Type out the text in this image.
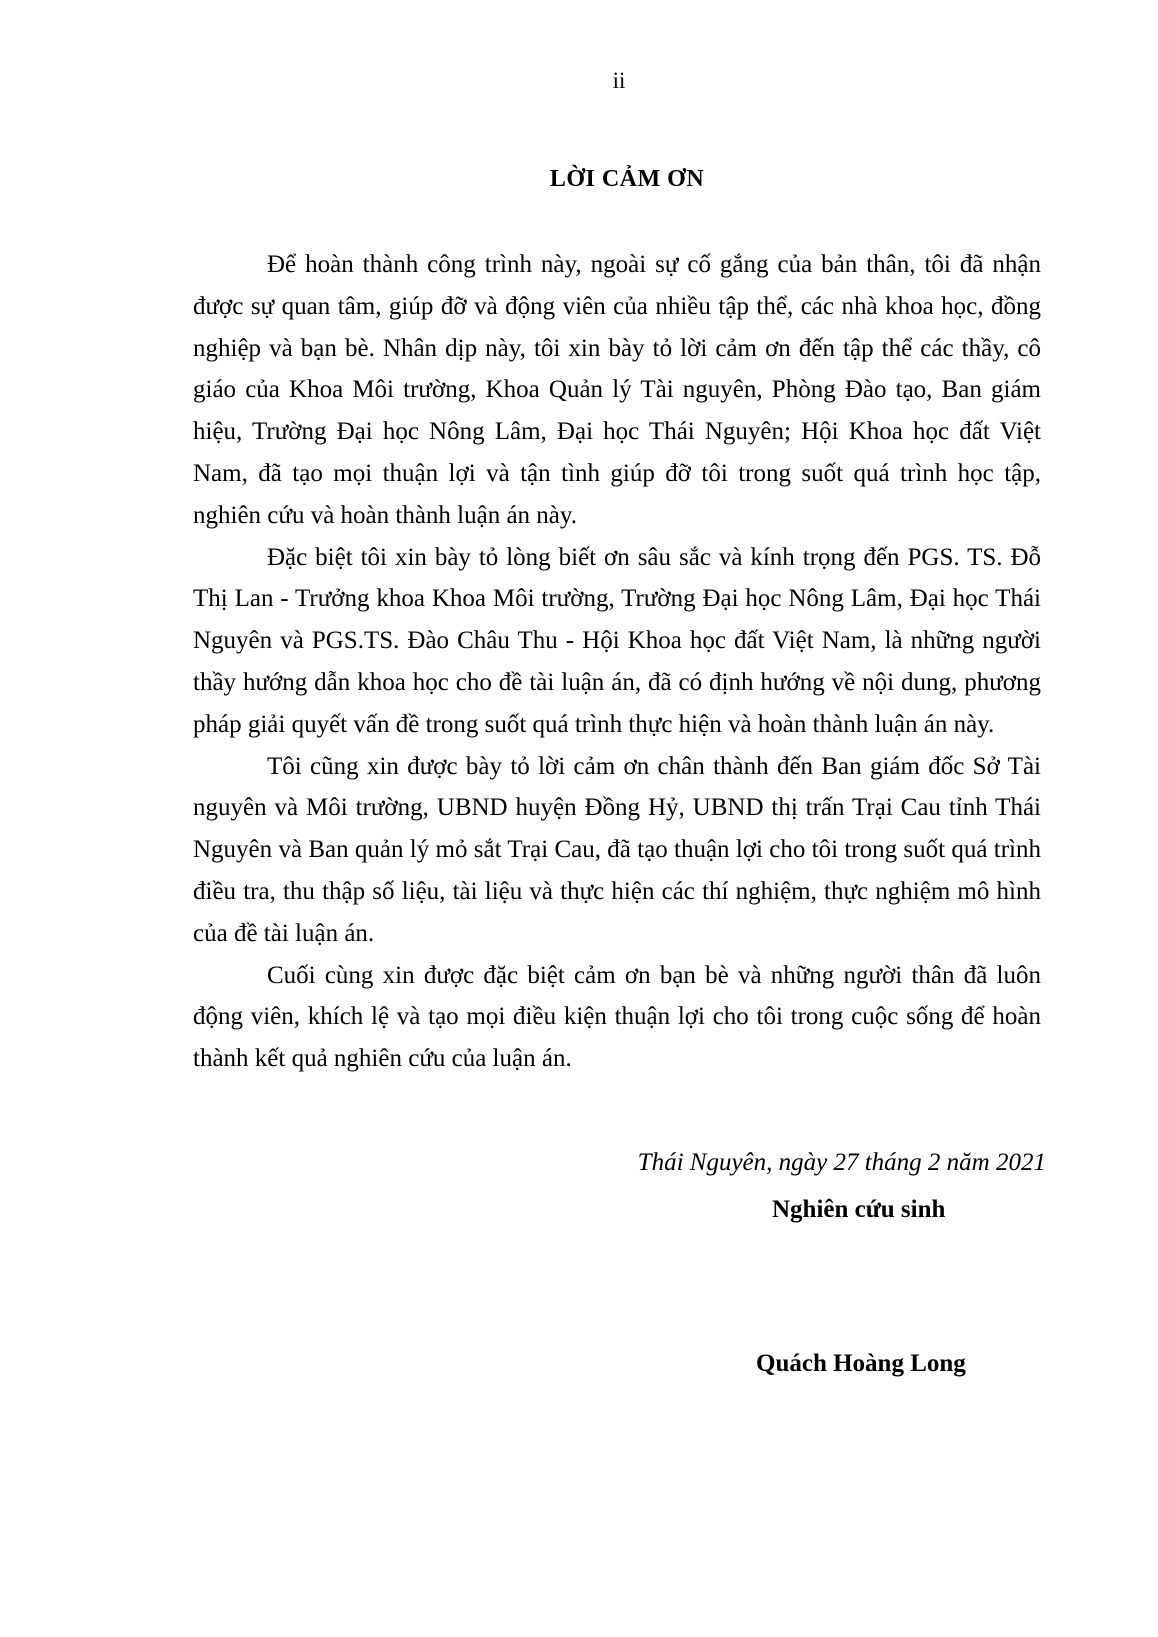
ii
LỜI CẢM ƠN

Để hoàn thành công trình này, ngoài sự cố gắng của bản thân, tôi đã nhận được sự quan tâm, giúp đỡ và động viên của nhiều tập thể, các nhà khoa học, đồng nghiệp và bạn bè. Nhân dịp này, tôi xin bày tỏ lời cảm ơn đến tập thể các thầy, cô giáo của Khoa Môi trường, Khoa Quản lý Tài nguyên, Phòng Đào tạo, Ban giám hiệu, Trường Đại học Nông Lâm, Đại học Thái Nguyên; Hội Khoa học đất Việt Nam, đã tạo mọi thuận lợi và tận tình giúp đỡ tôi trong suốt quá trình học tập, nghiên cứu và hoàn thành luận án này.

Đặc biệt tôi xin bày tỏ lòng biết ơn sâu sắc và kính trọng đến PGS. TS. Đỗ Thị Lan - Trưởng khoa Khoa Môi trường, Trường Đại học Nông Lâm, Đại học Thái Nguyên và PGS.TS. Đào Châu Thu - Hội Khoa học đất Việt Nam, là những người thầy hướng dẫn khoa học cho đề tài luận án, đã có định hướng về nội dung, phương pháp giải quyết vấn đề trong suốt quá trình thực hiện và hoàn thành luận án này.

Tôi cũng xin được bày tỏ lời cảm ơn chân thành đến Ban giám đốc Sở Tài nguyên và Môi trường, UBND huyện Đồng Hỷ, UBND thị trấn Trại Cau tỉnh Thái Nguyên và Ban quản lý mỏ sắt Trại Cau, đã tạo thuận lợi cho tôi trong suốt quá trình điều tra, thu thập số liệu, tài liệu và thực hiện các thí nghiệm, thực nghiệm mô hình của đề tài luận án.

Cuối cùng xin được đặc biệt cảm ơn bạn bè và những người thân đã luôn động viên, khích lệ và tạo mọi điều kiện thuận lợi cho tôi trong cuộc sống để hoàn thành kết quả nghiên cứu của luận án.

Thái Nguyên, ngày 27 tháng 2 năm 2021
Nghiên cứu sinh
Quách Hoàng Long
